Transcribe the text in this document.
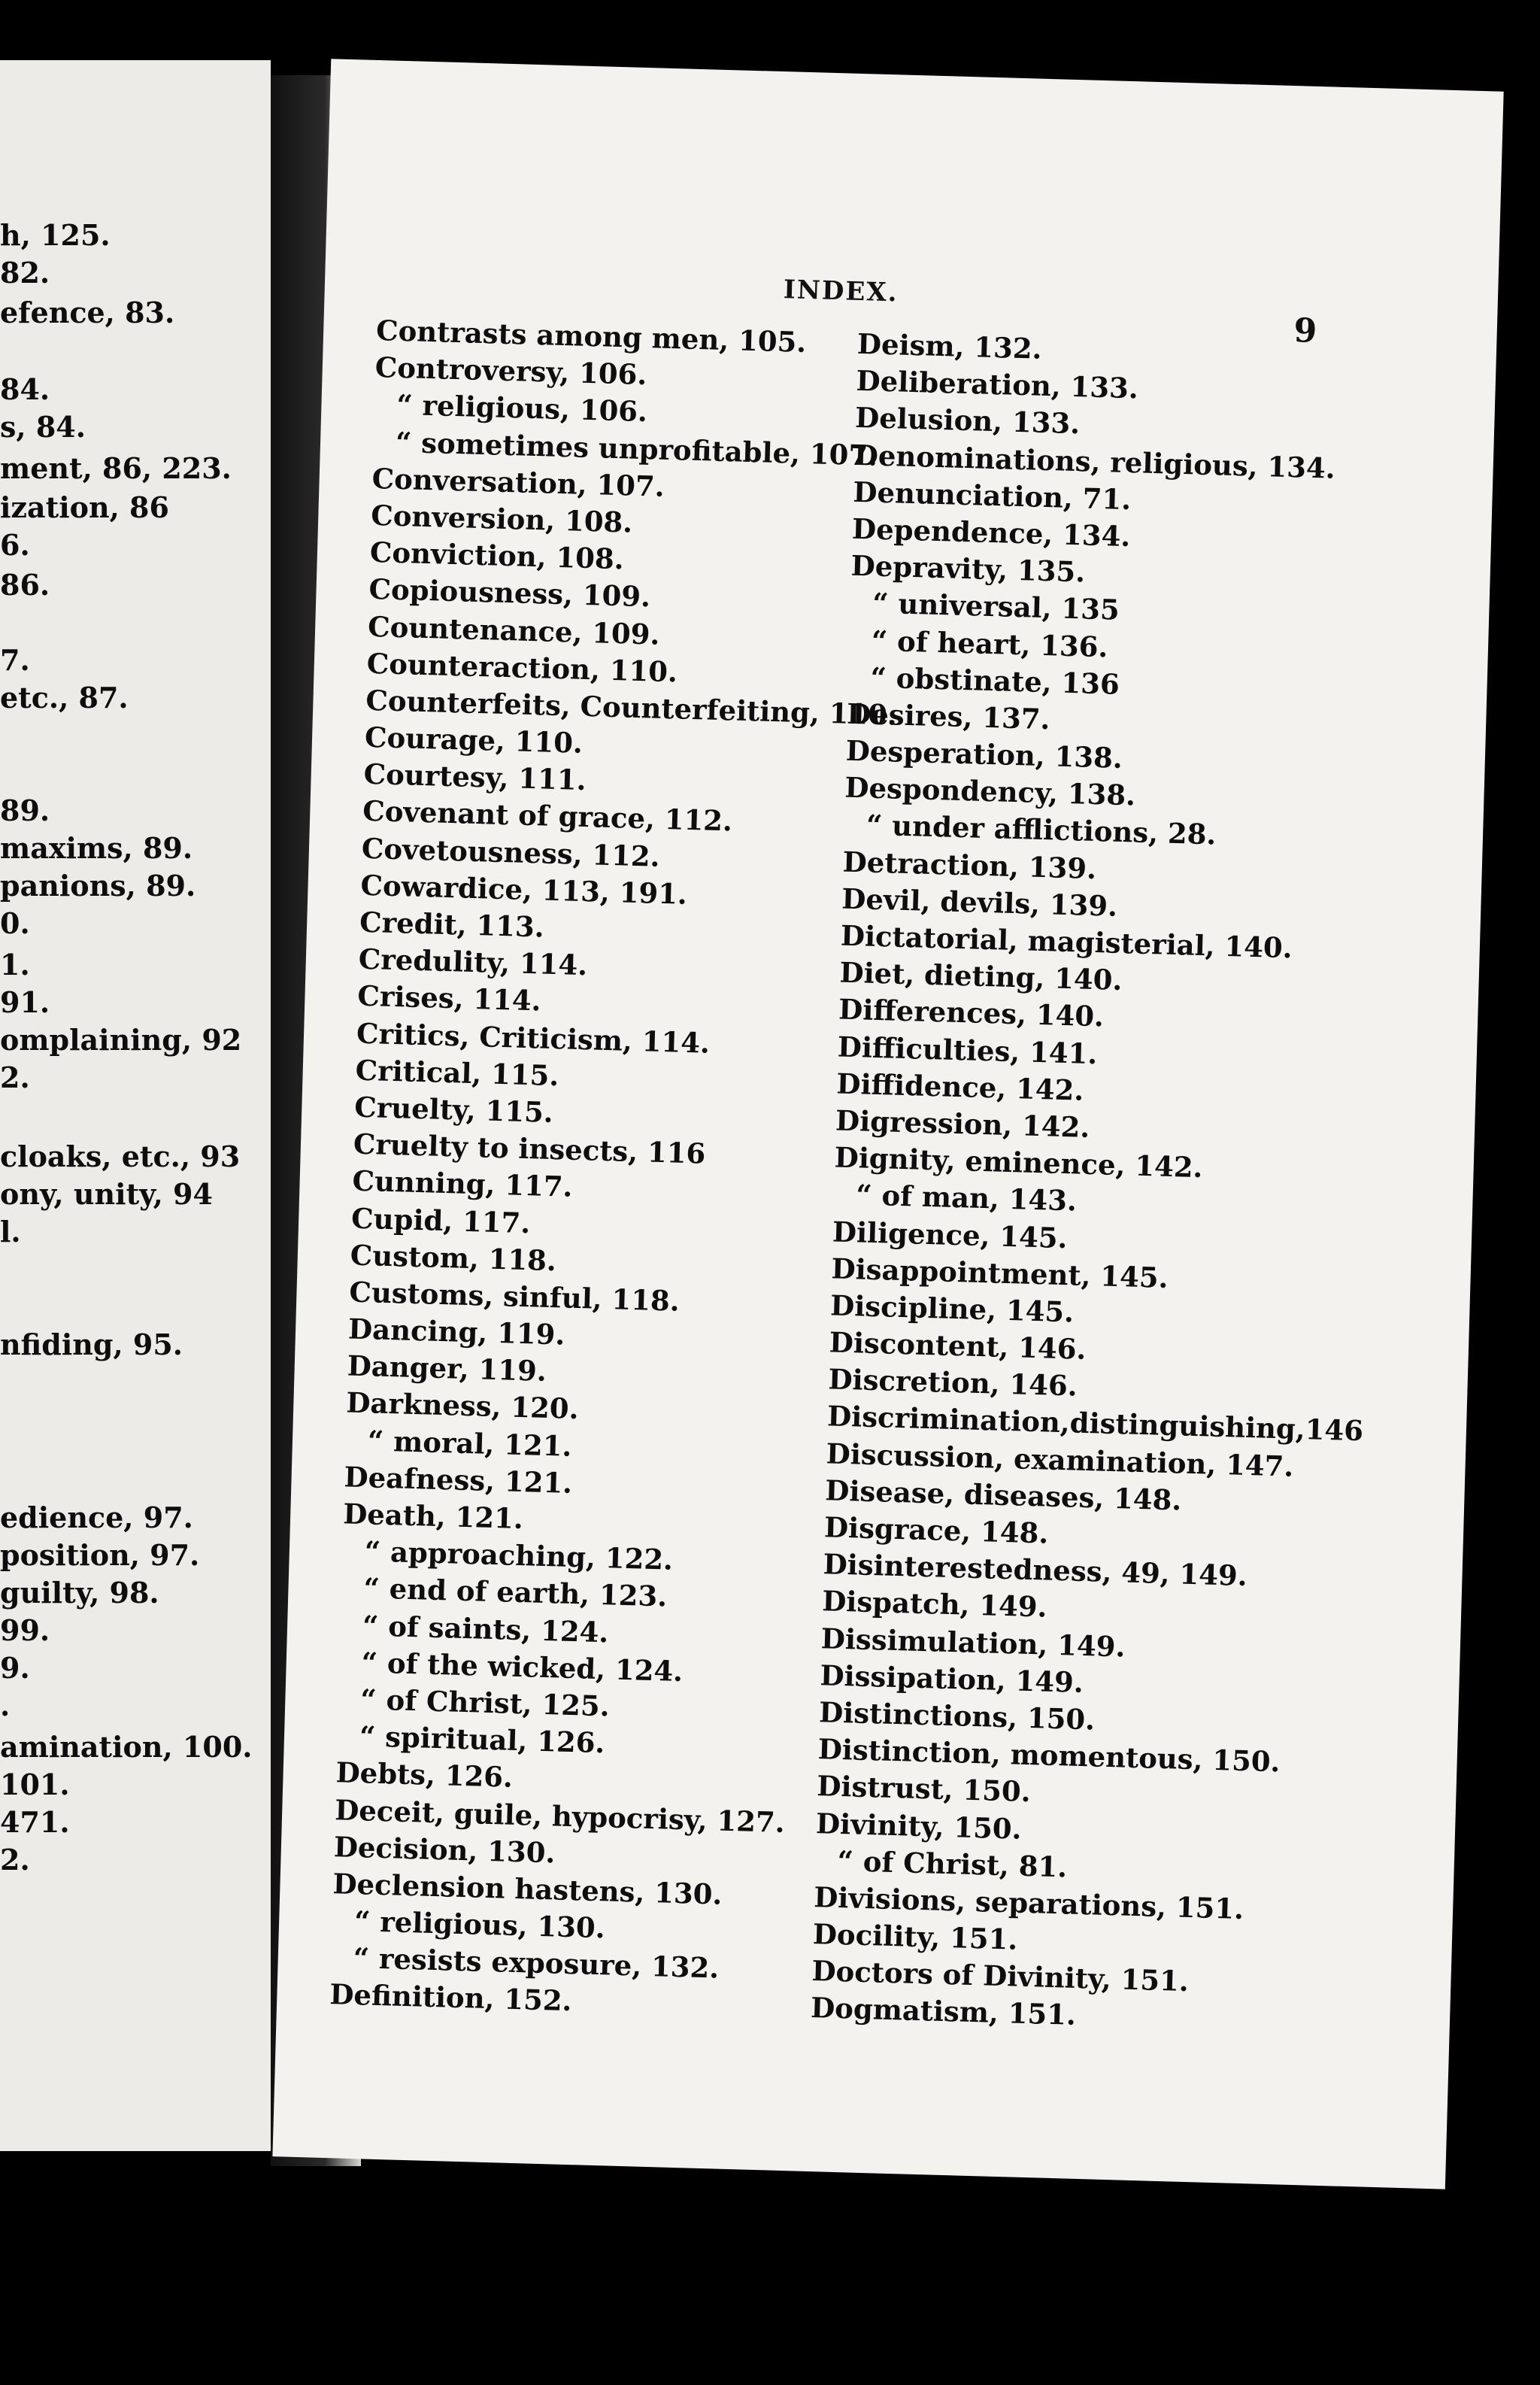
h, 125.
82.
efence, 83.
84.
s, 84.
ment, 86, 223.
ization, 86
6.
86.
7.
etc., 87.
89.
maxims, 89.
panions, 89.
0.
1.
91.
omplaining, 92
2.
cloaks, etc., 93
ony, unity, 94
l.
nfiding, 95.
edience, 97.
position, 97.
guilty, 98.
99.
9.
.
amination, 100.
101.
471.
2.
INDEX.
9
Contrasts among men, 105.
Controversy, 106.
“ religious, 106.
“ sometimes unprofitable, 107.
Conversation, 107.
Conversion, 108.
Conviction, 108.
Copiousness, 109.
Countenance, 109.
Counteraction, 110.
Counterfeits, Counterfeiting, 110.
Courage, 110.
Courtesy, 111.
Covenant of grace, 112.
Covetousness, 112.
Cowardice, 113, 191.
Credit, 113.
Credulity, 114.
Crises, 114.
Critics, Criticism, 114.
Critical, 115.
Cruelty, 115.
Cruelty to insects, 116
Cunning, 117.
Cupid, 117.
Custom, 118.
Customs, sinful, 118.
Dancing, 119.
Danger, 119.
Darkness, 120.
“ moral, 121.
Deafness, 121.
Death, 121.
“ approaching, 122.
“ end of earth, 123.
“ of saints, 124.
“ of the wicked, 124.
“ of Christ, 125.
“ spiritual, 126.
Debts, 126.
Deceit, guile, hypocrisy, 127.
Decision, 130.
Declension hastens, 130.
“ religious, 130.
“ resists exposure, 132.
Definition, 152.
Deism, 132.
Deliberation, 133.
Delusion, 133.
Denominations, religious, 134.
Denunciation, 71.
Dependence, 134.
Depravity, 135.
“ universal, 135
“ of heart, 136.
“ obstinate, 136
Desires, 137.
Desperation, 138.
Despondency, 138.
“ under afflictions, 28.
Detraction, 139.
Devil, devils, 139.
Dictatorial, magisterial, 140.
Diet, dieting, 140.
Differences, 140.
Difficulties, 141.
Diffidence, 142.
Digression, 142.
Dignity, eminence, 142.
“ of man, 143.
Diligence, 145.
Disappointment, 145.
Discipline, 145.
Discontent, 146.
Discretion, 146.
Discrimination,distinguishing,146
Discussion, examination, 147.
Disease, diseases, 148.
Disgrace, 148.
Disinterestedness, 49, 149.
Dispatch, 149.
Dissimulation, 149.
Dissipation, 149.
Distinctions, 150.
Distinction, momentous, 150.
Distrust, 150.
Divinity, 150.
“ of Christ, 81.
Divisions, separations, 151.
Docility, 151.
Doctors of Divinity, 151.
Dogmatism, 151.
